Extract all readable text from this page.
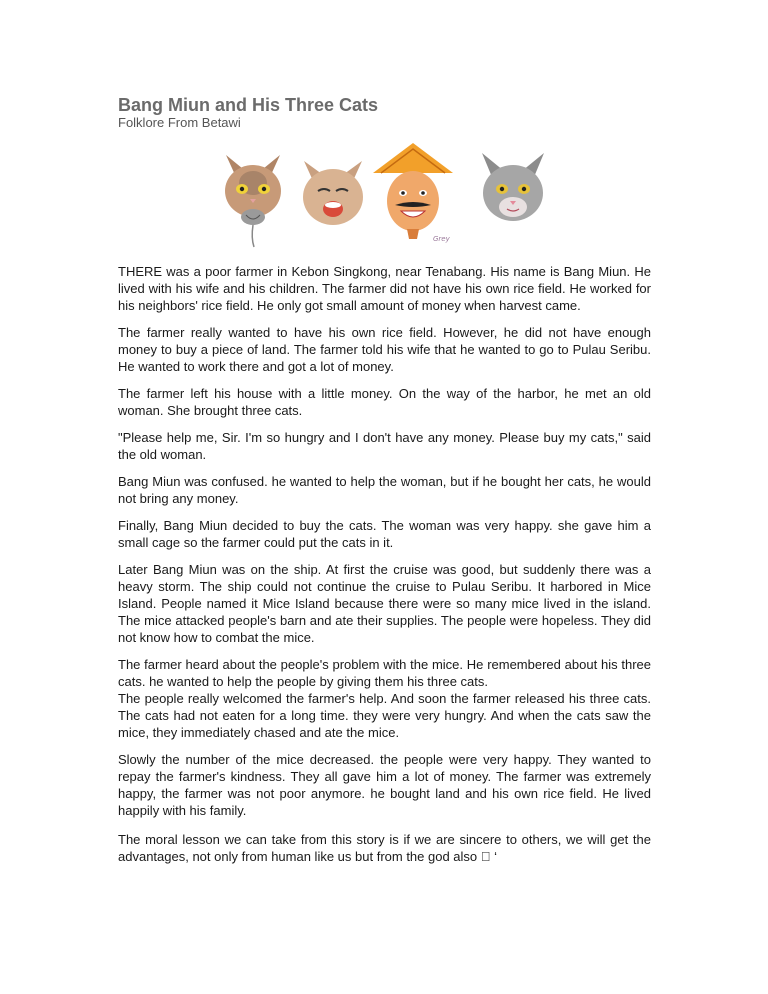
Bang Miun and His Three Cats

Folklore From Betawi

Grey

THERE was a poor farmer in Kebon Singkong, near Tenabang. His name is Bang Miun. He lived with his wife and his children. The farmer did not have his own rice field. He worked for his neighbors' rice field. He only got small amount of money when harvest came.

The farmer really wanted to have his own rice field. However, he did not have enough money to buy a piece of land. The farmer told his wife that he wanted to go to Pulau Seribu. He wanted to work there and got a lot of money.

The farmer left his house with a little money. On the way of the harbor, he met an old woman. She brought three cats.

"Please help me, Sir. I'm so hungry and I don't have any money. Please buy my cats," said the old woman.

Bang Miun was confused. he wanted to help the woman, but if he bought her cats, he would not bring any money.

Finally, Bang Miun decided to buy the cats. The woman was very happy. she gave him a small cage so the farmer could put the cats in it.

Later Bang Miun was on the ship. At first the cruise was good, but suddenly there was a heavy storm. The ship could not continue the cruise to Pulau Seribu. It harbored in Mice Island. People named it Mice Island because there were so many mice lived in the island. The mice attacked people's barn and ate their supplies. The people were hopeless. They did not know how to combat the mice.

The farmer heard about the people's problem with the mice. He remembered about his three cats. he wanted to help the people by giving them his three cats.

The people really welcomed the farmer's help. And soon the farmer released his three cats. The cats had not eaten for a long time. they were very hungry. And when the cats saw the mice, they immediately chased and ate the mice.

Slowly the number of the mice decreased. the people were very happy. They wanted to repay the farmer's kindness. They all gave him a lot of money. The farmer was extremely happy, the farmer was not poor anymore. he bought land and his own rice field. He lived happily with his family.

The moral lesson we can take from this story is if we are sincere to others, we will get the advantages, not only from human like us but from the god also ‘
